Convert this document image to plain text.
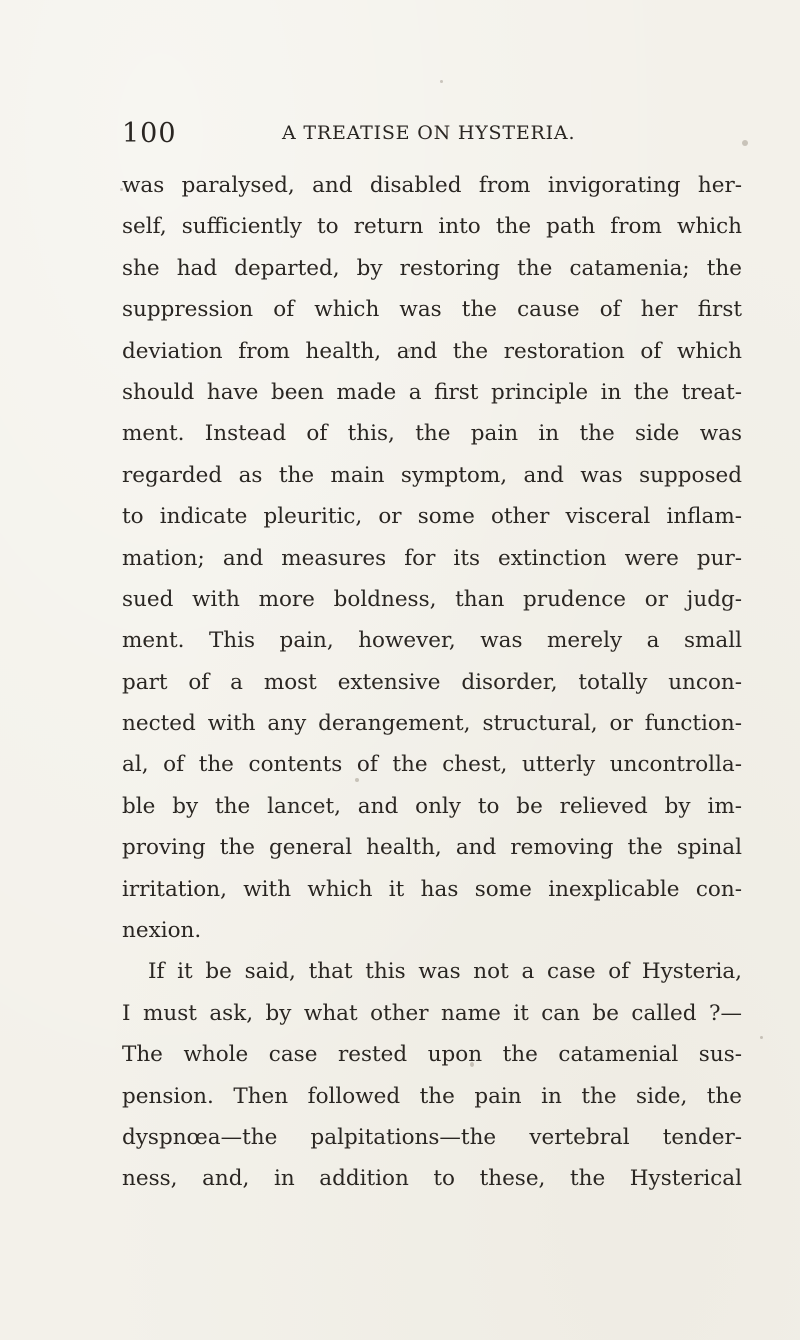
100	A TREATISE ON HYSTERIA.
was paralysed, and disabled from invigorating her-
self, sufficiently to return into the path from which
she had departed, by restoring the catamenia; the
suppression of which was the cause of her first
deviation from health, and the restoration of which
should have been made a first principle in the treat-
ment. Instead of this, the pain in the side was
regarded as the main symptom, and was supposed
to indicate pleuritic, or some other visceral inflam-
mation; and measures for its extinction were pur-
sued with more boldness, than prudence or judg-
ment. This pain, however, was merely a small
part of a most extensive disorder, totally uncon-
nected with any derangement, structural, or function-
al, of the contents of the chest, utterly uncontrolla-
ble by the lancet, and only to be relieved by im-
proving the general health, and removing the spinal
irritation, with which it has some inexplicable con-
nexion.
If it be said, that this was not a case of Hysteria,
I must ask, by what other name it can be called ?—
The whole case rested upon the catamenial sus-
pension. Then followed the pain in the side, the
dyspnœa—the palpitations—the vertebral tender-
ness, and, in addition to these, the Hysterical
